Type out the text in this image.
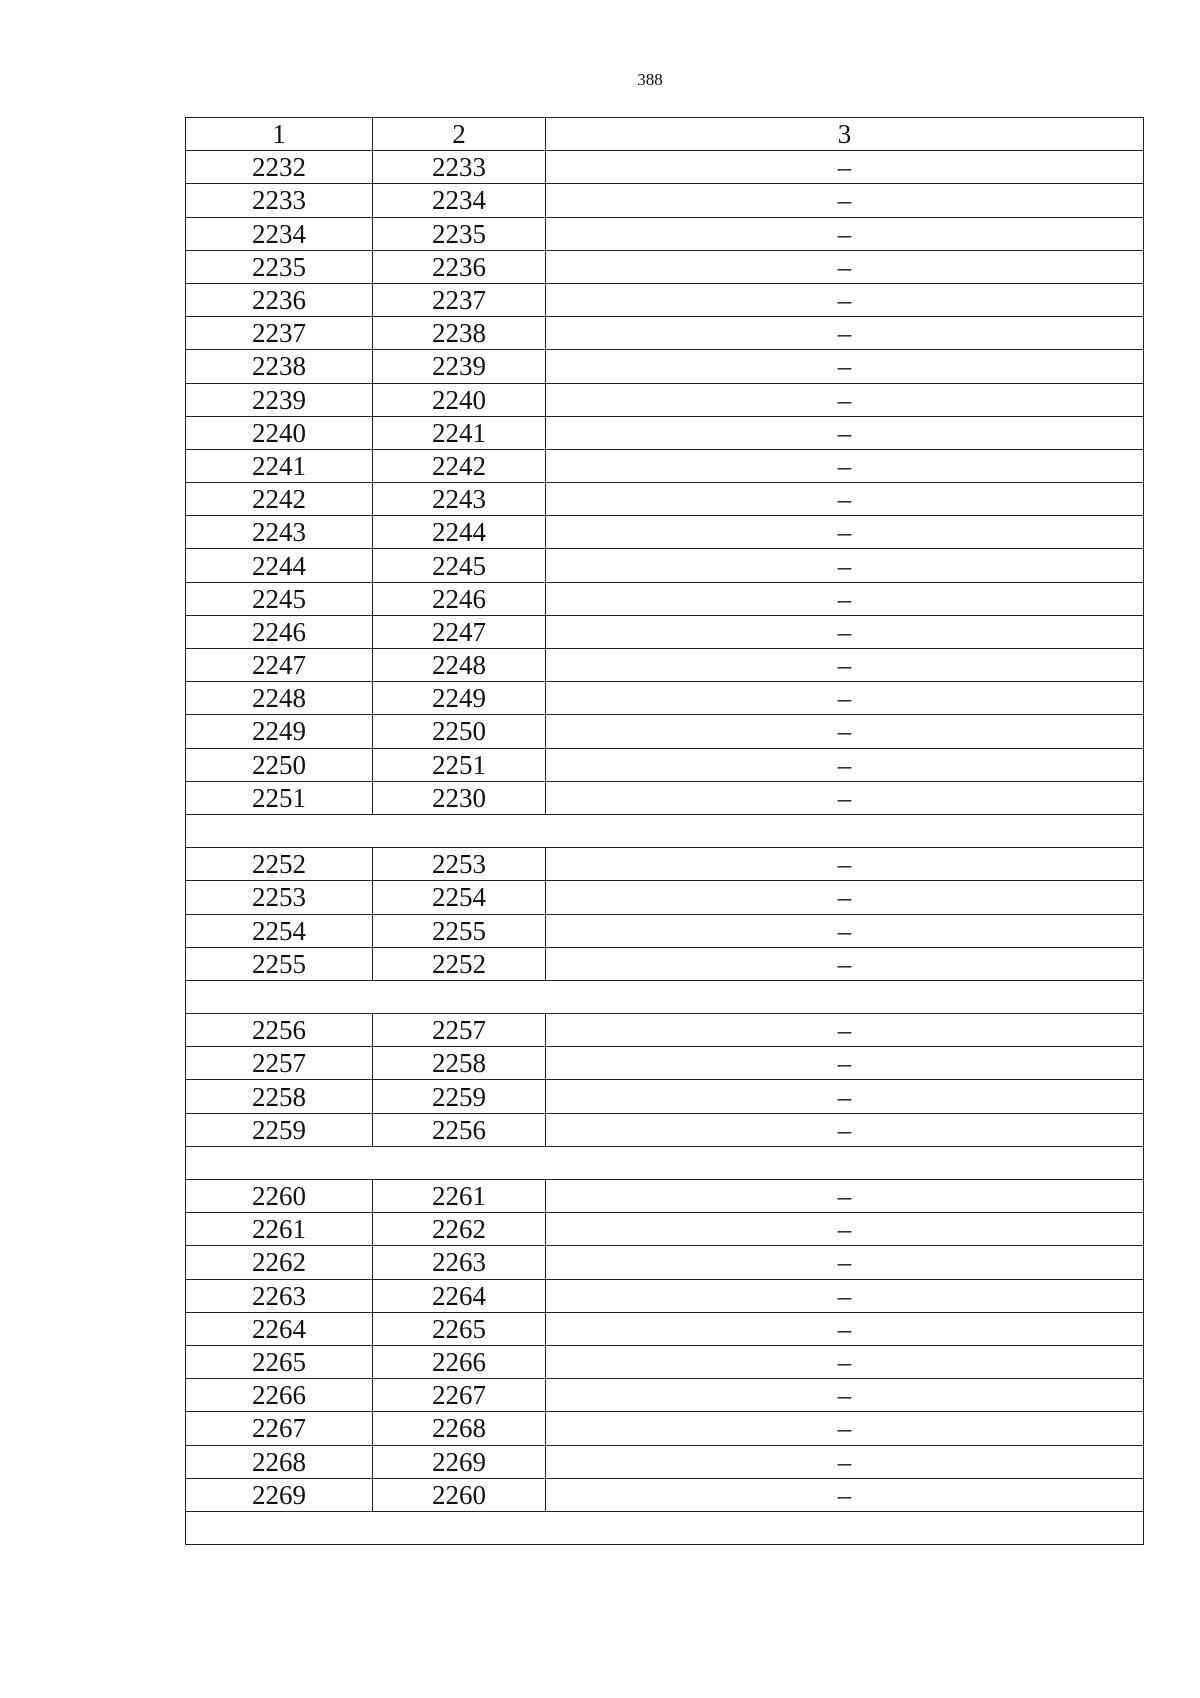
388
1	2	3
2232	2233	–
2233	2234	–
2234	2235	–
2235	2236	–
2236	2237	–
2237	2238	–
2238	2239	–
2239	2240	–
2240	2241	–
2241	2242	–
2242	2243	–
2243	2244	–
2244	2245	–
2245	2246	–
2246	2247	–
2247	2248	–
2248	2249	–
2249	2250	–
2250	2251	–
2251	2230	–

2252	2253	–
2253	2254	–
2254	2255	–
2255	2252	–

2256	2257	–
2257	2258	–
2258	2259	–
2259	2256	–

2260	2261	–
2261	2262	–
2262	2263	–
2263	2264	–
2264	2265	–
2265	2266	–
2266	2267	–
2267	2268	–
2268	2269	–
2269	2260	–
